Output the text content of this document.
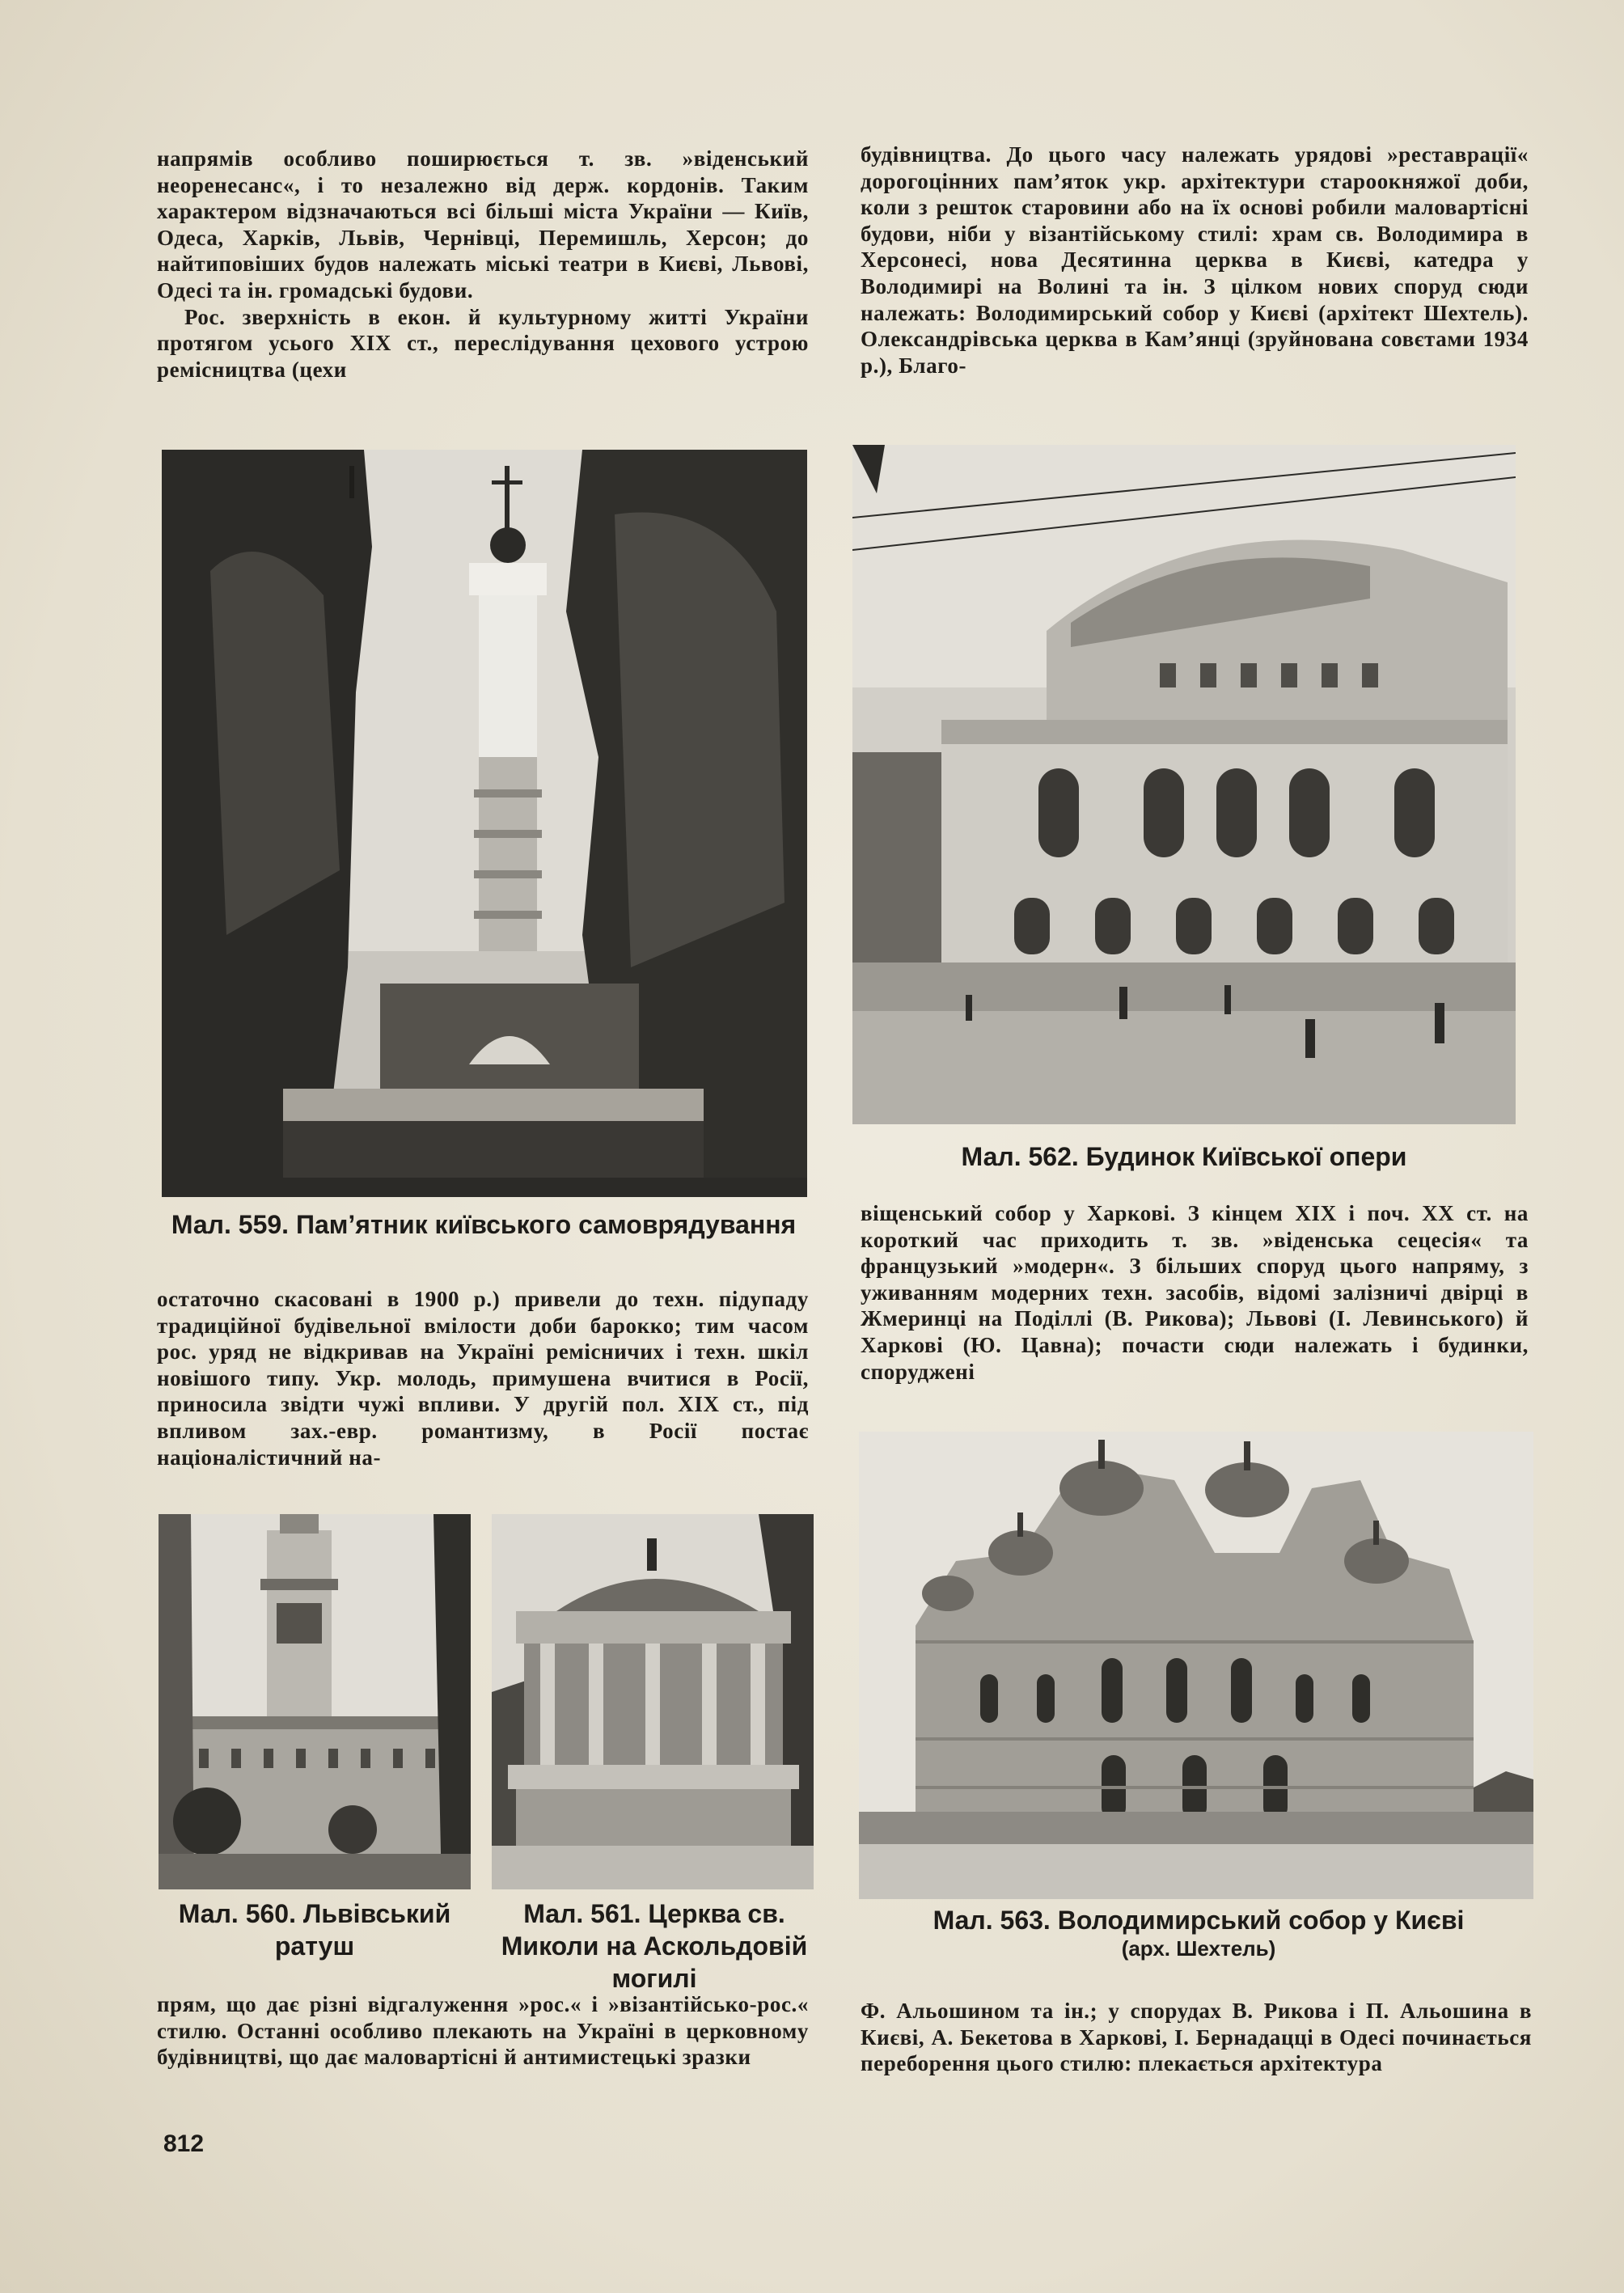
напрямів особливо поширюється т. зв. »віденський неоренесанс«, і то незалежно від держ. кордонів. Таким характером відзначаються всі більші міста України — Київ, Одеса, Харків, Львів, Чернівці, Перемишль, Херсон; до найтиповіших будов належать міські театри в Києві, Львові, Одесі та ін. громадські будови.

Рос. зверхність в екон. й культурному житті України протягом усього XIX ст., переслідування цехового устрою ремісництва (цехи

будівництва. До цього часу належать урядові »реставрації« дорогоцінних пам’яток укр. архітектури староокняжої доби, коли з решток старовини або на їх основі робили маловартісні будови, ніби у візантійському стилі: храм св. Володимира в Херсонесі, нова Десятинна церква в Києві, катедра у Володимирі на Волині та ін. З цілком нових споруд сюди належать: Володимирський собор у Києві (архітект Шехтель). Олександрівська церква в Кам’янці (зруйнована совєтами 1934 р.), Благо-

Мал. 559. Пам’ятник київського самоврядування
Мал. 562. Будинок Київської опери

віщенський собор у Харкові. З кінцем XIX і поч. XX ст. на короткий час приходить т. зв. »віденська сецесія« та французький »модерн«. З більших споруд цього напряму, з уживанням модерних техн. засобів, відомі залізничі двірці в Жмеринці на Поділлі (В. Рикова); Львові (І. Левинського) й Харкові (Ю. Цавна); почасти сюди належать і будинки, споруджені

остаточно скасовані в 1900 р.) привели до техн. підупаду традиційної будівельної вмілости доби барокко; тим часом рос. уряд не відкривав на Україні ремісничих і техн. шкіл новішого типу. Укр. молодь, примушена вчитися в Росії, приносила звідти чужі впливи. У другій пол. XIX ст., під впливом зах.-евр. романтизму, в Росії постає націоналістичний на-

Мал. 560. Львівський ратуш
Мал. 561. Церква св. Миколи на Аскольдовій могилі
Мал. 563. Володимирський собор у Києві
(арх. Шехтель)

прям, що дає різні відгалуження »рос.« і »візантійсько-рос.« стилю. Останні особливо плекають на Україні в церковному будівництві, що дає маловартісні й антимистецькі зразки

Ф. Альошином та ін.; у спорудах В. Рикова і П. Альошина в Києві, А. Бекетова в Харкові, І. Бернадацці в Одесі починається переборення цього стилю: плекається архітектура

812
